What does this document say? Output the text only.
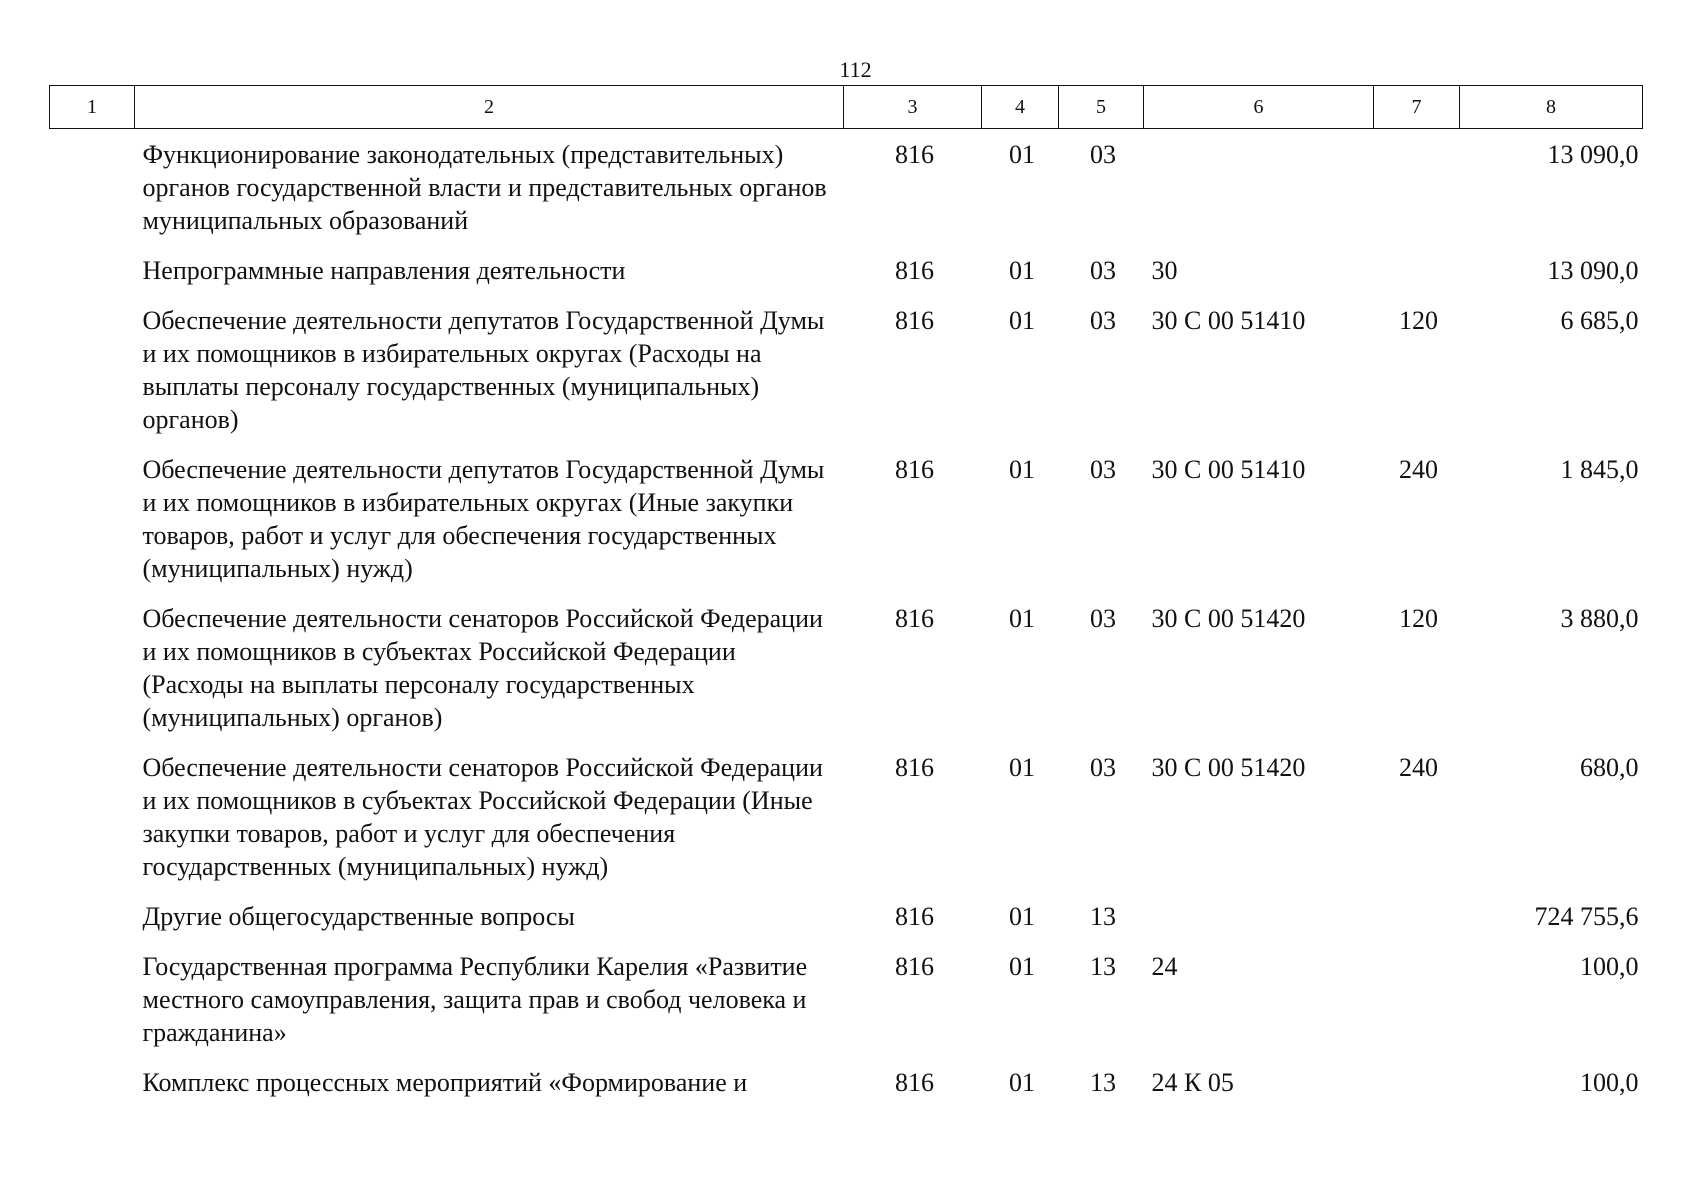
112
1	2	3	4	5	6	7	8
	Функционирование законодательных (представительных) органов государственной власти и представительных органов муниципальных образований	816	01	03			13 090,0
	Непрограммные направления деятельности	816	01	03	30		13 090,0
	Обеспечение деятельности депутатов Государственной Думы и их помощников в избирательных округах (Расходы на выплаты персоналу государственных (муниципальных) органов)	816	01	03	30 С 00 51410	120	6 685,0
	Обеспечение деятельности депутатов Государственной Думы и их помощников в избирательных округах (Иные закупки товаров, работ и услуг для обеспечения государственных (муниципальных) нужд)	816	01	03	30 С 00 51410	240	1 845,0
	Обеспечение деятельности сенаторов Российской Федерации и их помощников в субъектах Российской Федерации (Расходы на выплаты персоналу государственных (муниципальных) органов)	816	01	03	30 С 00 51420	120	3 880,0
	Обеспечение деятельности сенаторов Российской Федерации и их помощников в субъектах Российской Федерации (Иные закупки товаров, работ и услуг для обеспечения государственных (муниципальных) нужд)	816	01	03	30 С 00 51420	240	680,0
	Другие общегосударственные вопросы	816	01	13			724 755,6
	Государственная программа Республики Карелия «Развитие местного самоуправления, защита прав и свобод человека и гражданина»	816	01	13	24		100,0
	Комплекс процессных мероприятий «Формирование и	816	01	13	24 К 05		100,0
